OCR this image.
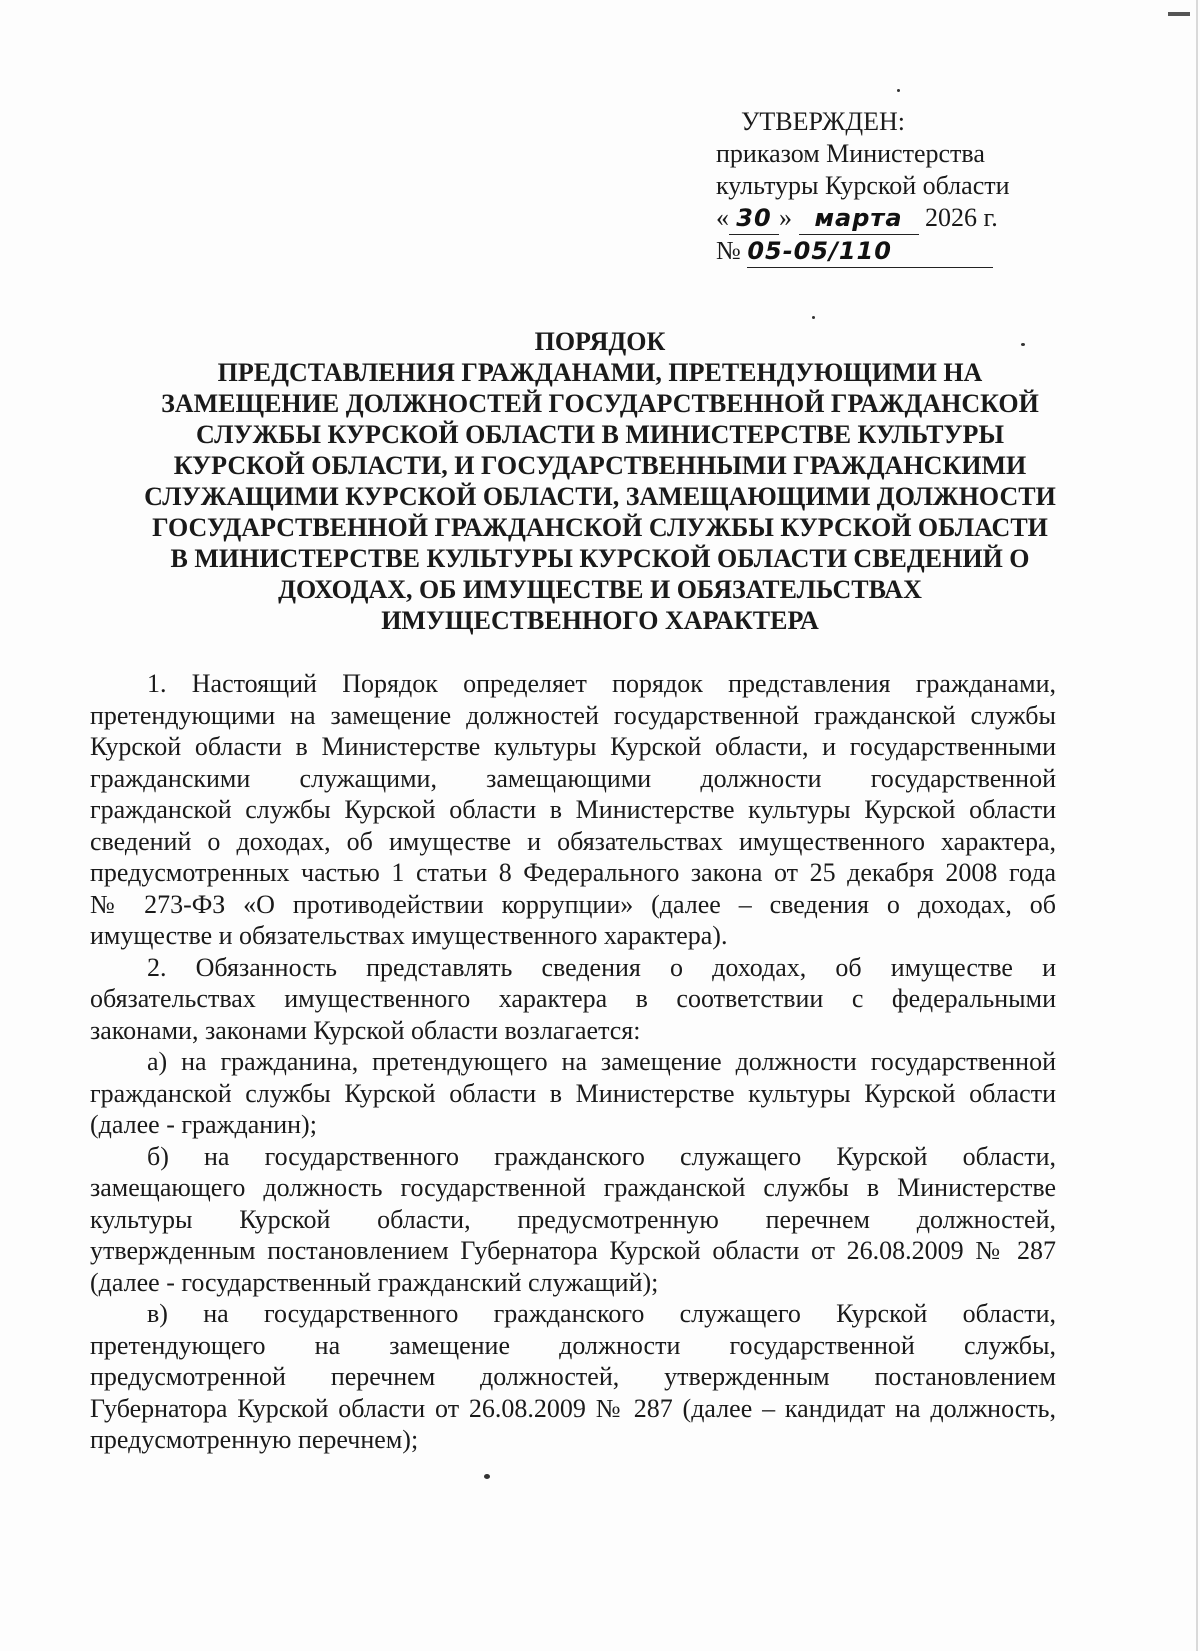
УТВЕРЖДЕН:
приказом Министерства
культуры Курской области
« 30 » марта 2026 г.
№ 05-05/110
ПОРЯДОК
ПРЕДСТАВЛЕНИЯ ГРАЖДАНАМИ, ПРЕТЕНДУЮЩИМИ НА
ЗАМЕЩЕНИЕ ДОЛЖНОСТЕЙ ГОСУДАРСТВЕННОЙ ГРАЖДАНСКОЙ
СЛУЖБЫ КУРСКОЙ ОБЛАСТИ В МИНИСТЕРСТВЕ КУЛЬТУРЫ
КУРСКОЙ ОБЛАСТИ, И ГОСУДАРСТВЕННЫМИ ГРАЖДАНСКИМИ
СЛУЖАЩИМИ КУРСКОЙ ОБЛАСТИ, ЗАМЕЩАЮЩИМИ ДОЛЖНОСТИ
ГОСУДАРСТВЕННОЙ ГРАЖДАНСКОЙ СЛУЖБЫ КУРСКОЙ ОБЛАСТИ
В МИНИСТЕРСТВЕ КУЛЬТУРЫ КУРСКОЙ ОБЛАСТИ СВЕДЕНИЙ О
ДОХОДАХ, ОБ ИМУЩЕСТВЕ И ОБЯЗАТЕЛЬСТВАХ
ИМУЩЕСТВЕННОГО ХАРАКТЕРА
1. Настоящий Порядок определяет порядок представления гражданами,
претендующими на замещение должностей государственной гражданской службы
Курской области в Министерстве культуры Курской области, и государственными
гражданскими служащими, замещающими должности государственной
гражданской службы Курской области в Министерстве культуры Курской области
сведений о доходах, об имуществе и обязательствах имущественного характера,
предусмотренных частью 1 статьи 8 Федерального закона от 25 декабря 2008 года
№ 273-ФЗ «О противодействии коррупции» (далее – сведения о доходах, об
имуществе и обязательствах имущественного характера).
2. Обязанность представлять сведения о доходах, об имуществе и
обязательствах имущественного характера в соответствии с федеральными
законами, законами Курской области возлагается:
а) на гражданина, претендующего на замещение должности государственной
гражданской службы Курской области в Министерстве культуры Курской области
(далее - гражданин);
б) на государственного гражданского служащего Курской области,
замещающего должность государственной гражданской службы в Министерстве
культуры Курской области, предусмотренную перечнем должностей,
утвержденным постановлением Губернатора Курской области от 26.08.2009 № 287
(далее - государственный гражданский служащий);
в) на государственного гражданского служащего Курской области,
претендующего на замещение должности государственной службы,
предусмотренной перечнем должностей, утвержденным постановлением
Губернатора Курской области от 26.08.2009 № 287 (далее – кандидат на должность,
предусмотренную перечнем);
